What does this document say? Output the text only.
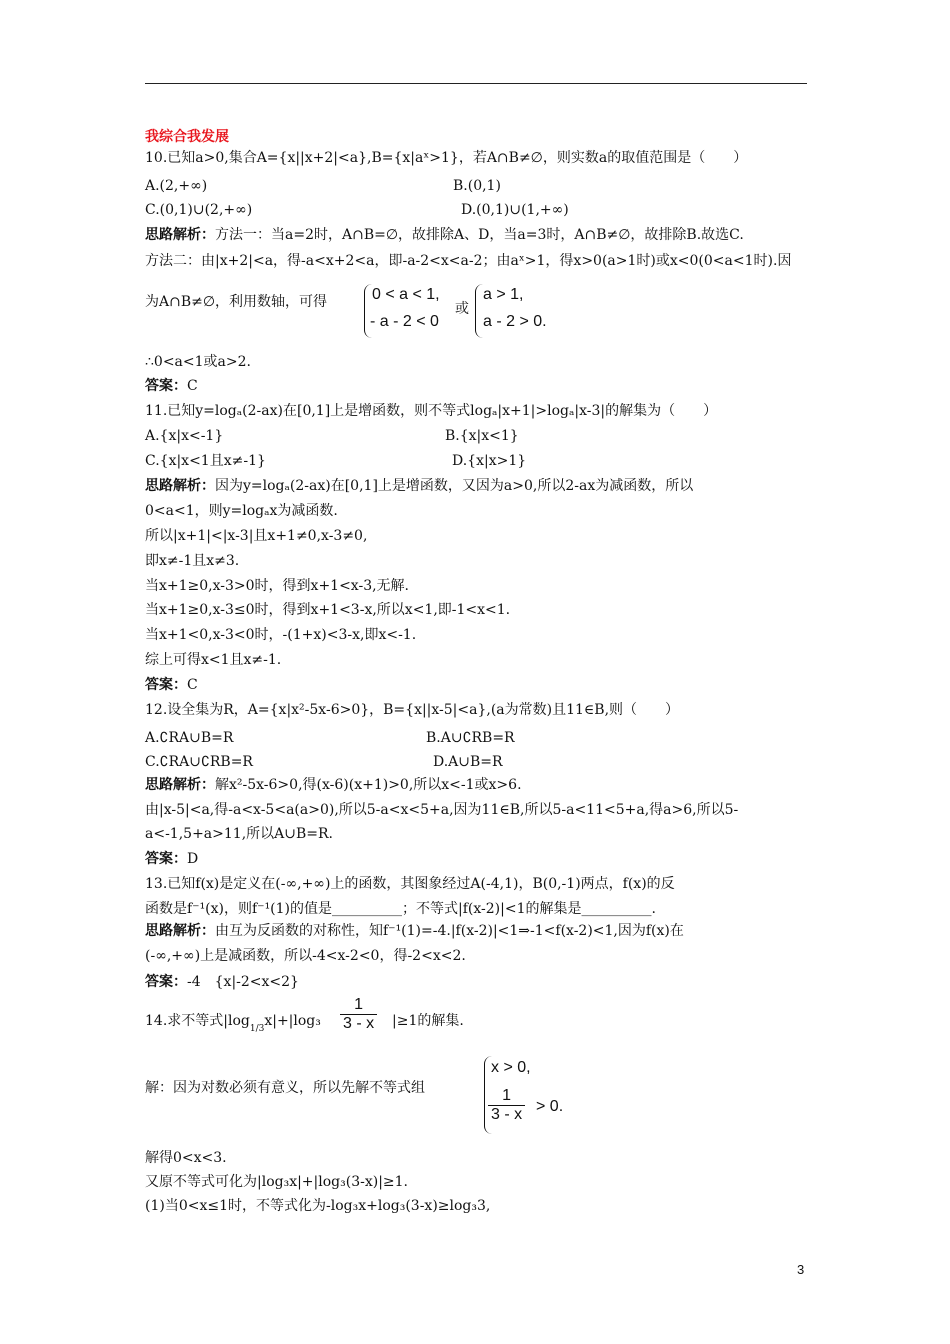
我综合我发展
10.已知a>0,集合A={x||x+2|<a},B={x|aˣ>1}，若A∩B≠∅，则实数a的取值范围是（　　）
A.(2,+∞)	B.(0,1)
C.(0,1)∪(2,+∞)	D.(0,1)∪(1,+∞)
思路解析：方法一：当a=2时，A∩B=∅，故排除A、D，当a=3时，A∩B≠∅，故排除B.故选C.
方法二：由|x+2|<a，得-a<x+2<a，即-a-2<x<a-2；由aˣ>1，得x>0(a>1时)或x<0(0<a<1时).因
为A∩B≠∅，利用数轴，可得	0 < a < 1,
- a - 2 < 0
或
a > 1,
a - 2 > 0.
∴0<a<1或a>2.
答案：C
11.已知y=logₐ(2-ax)在[0,1]上是增函数，则不等式logₐ|x+1|>logₐ|x-3|的解集为（　　）
A.{x|x<-1}	B.{x|x<1}
C.{x|x<1且x≠-1}	D.{x|x>1}
思路解析：因为y=logₐ(2-ax)在[0,1]上是增函数，又因为a>0,所以2-ax为减函数，所以
0<a<1，则y=logₐx为减函数.
所以|x+1|<|x-3|且x+1≠0,x-3≠0,
即x≠-1且x≠3.
当x+1≥0,x-3>0时，得到x+1<x-3,无解.
当x+1≥0,x-3≤0时，得到x+1<3-x,所以x<1,即-1<x<1.
当x+1<0,x-3<0时，-(1+x)<3-x,即x<-1.
综上可得x<1且x≠-1.
答案：C
12.设全集为R，A={x|x²-5x-6>0}，B={x||x-5|<a},(a为常数)且11∈B,则（　　）
A.∁RA∪B=R	B.A∪∁RB=R
C.∁RA∪∁RB=R	D.A∪B=R
思路解析：解x²-5x-6>0,得(x-6)(x+1)>0,所以x<-1或x>6.
由|x-5|<a,得-a<x-5<a(a>0),所以5-a<x<5+a,因为11∈B,所以5-a<11<5+a,得a>6,所以5-
a<-1,5+a>11,所以A∪B=R.
答案：D
13.已知f(x)是定义在(-∞,+∞)上的函数，其图象经过A(-4,1)，B(0,-1)两点，f(x)的反
函数是f⁻¹(x)，则f⁻¹(1)的值是__________；不等式|f(x-2)|<1的解集是__________.
思路解析：由互为反函数的对称性，知f⁻¹(1)=-4.|f(x-2)|<1⇒-1<f(x-2)<1,因为f(x)在
(-∞,+∞)上是减函数，所以-4<x-2<0，得-2<x<2.
答案：-4　{x|-2<x<2}
14.求不等式$|\log_{1/3}x|+|\log_3 \frac{1}{3 - x} |\ge 1$的解集.
解：因为对数必须有意义，所以先解不等式组
x > 0,
$\frac{1}{3 - x} > 0$.
解得0<x<3.
又原不等式可化为|log₃x|+|log₃(3-x)|≥1.
(1)当0<x≤1时，不等式化为-log₃x+log₃(3-x)≥log₃3,
3
